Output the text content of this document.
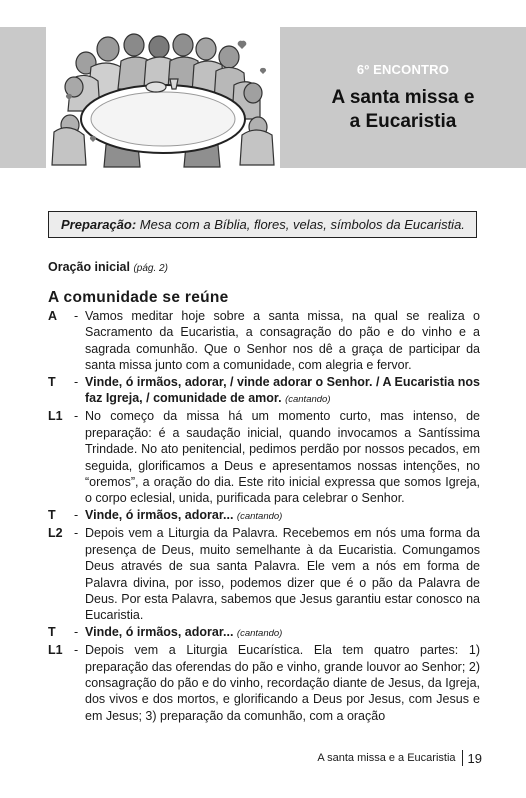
6º ENCONTRO
A santa missa e
a Eucaristia
Preparação: Mesa com a Bíblia, flores, velas, símbolos da Eucaristia.
Oração inicial (pág. 2)
A comunidade se reúne
A	- Vamos meditar hoje sobre a santa missa, na qual se realiza o Sacramento da Eucaristia, a consagração do pão e do vinho e a sagrada comunhão. Que o Senhor nos dê a graça de participar da santa missa junto com a comunidade, com alegria e fervor.
T	- Vinde, ó irmãos, adorar, / vinde adorar o Senhor. / A Eucaristia nos faz Igreja, / comunidade de amor. (cantando)
L1 - No começo da missa há um momento curto, mas intenso, de preparação: é a saudação inicial, quando invocamos a Santíssima Trindade. No ato penitencial, pedimos perdão por nossos pecados, em seguida, glorificamos a Deus e apresentamos nossas intenções, no “oremos”, a oração do dia. Este rito inicial expressa que somos Igreja, o corpo eclesial, unida, purificada para celebrar o Senhor.
T	- Vinde, ó irmãos, adorar... (cantando)
L2 - Depois vem a Liturgia da Palavra. Recebemos em nós uma forma da presença de Deus, muito semelhante à da Eucaristia. Comungamos Deus através de sua santa Palavra. Ele vem a nós em forma de Palavra divina, por isso, podemos dizer que é o pão da Palavra de Deus. Por esta Palavra, sabemos que Jesus garantiu estar conosco na Eucaristia.
T	- Vinde, ó irmãos, adorar... (cantando)
L1 - Depois vem a Liturgia Eucarística. Ela tem quatro partes: 1) preparação das oferendas do pão e vinho, grande louvor ao Senhor; 2) consagração do pão e do vinho, recordação diante de Jesus, da Igreja, dos vivos e dos mortos, e glorificando a Deus por Jesus, com Jesus e em Jesus; 3) preparação da comunhão, com a oração
A santa missa e a Eucaristia 19
